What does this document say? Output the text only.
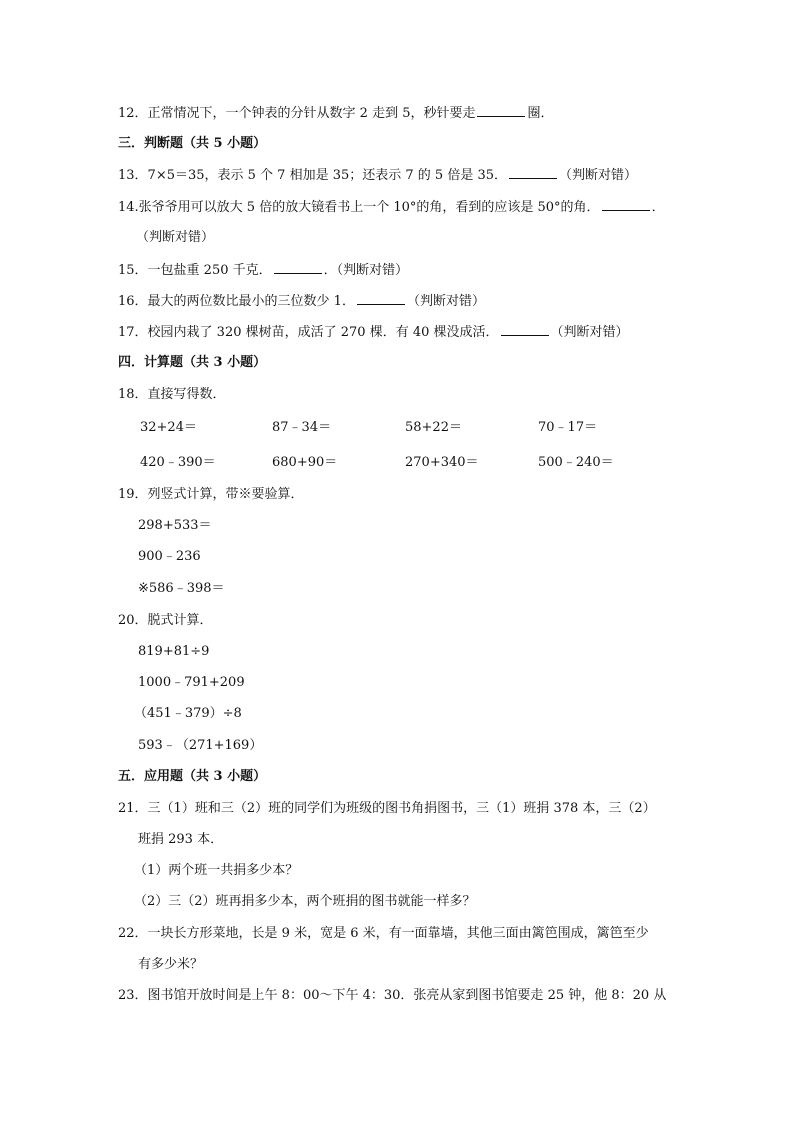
12．正常情况下，一个钟表的分针从数字 2 走到 5，秒针要走	圈．
三．判断题（共 5 小题）
13．7×5＝35，表示 5 个 7 相加是 35；还表示 7 的 5 倍是 35．	（判断对错）
14.张爷爷用可以放大 5 倍的放大镜看书上一个 10°的角，看到的应该是 50°的角．	．
（判断对错）
15．一包盐重 250 千克．	．（判断对错）
16．最大的两位数比最小的三位数少 1．	（判断对错）
17．校园内栽了 320 棵树苗，成活了 270 棵．有 40 棵没成活．	（判断对错）
四．计算题（共 3 小题）
18．直接写得数．
32+24＝	87﹣34＝	58+22＝	70﹣17＝
420﹣390＝	680+90＝	270+340＝	500﹣240＝
19．列竖式计算，带※要验算．
298+533＝
900﹣236
※586﹣398＝
20．脱式计算．
819+81÷9
1000﹣791+209
（451﹣379）÷8
593﹣（271+169）
五．应用题（共 3 小题）
21．三（1）班和三（2）班的同学们为班级的图书角捐图书，三（1）班捐 378 本，三（2）
班捐 293 本．
（1）两个班一共捐多少本？
（2）三（2）班再捐多少本，两个班捐的图书就能一样多？
22．一块长方形菜地，长是 9 米，宽是 6 米，有一面靠墙，其他三面由篱笆围成，篱笆至少
有多少米？
23．图书馆开放时间是上午 8：00～下午 4：30．张亮从家到图书馆要走 25 钟，他 8：20 从
